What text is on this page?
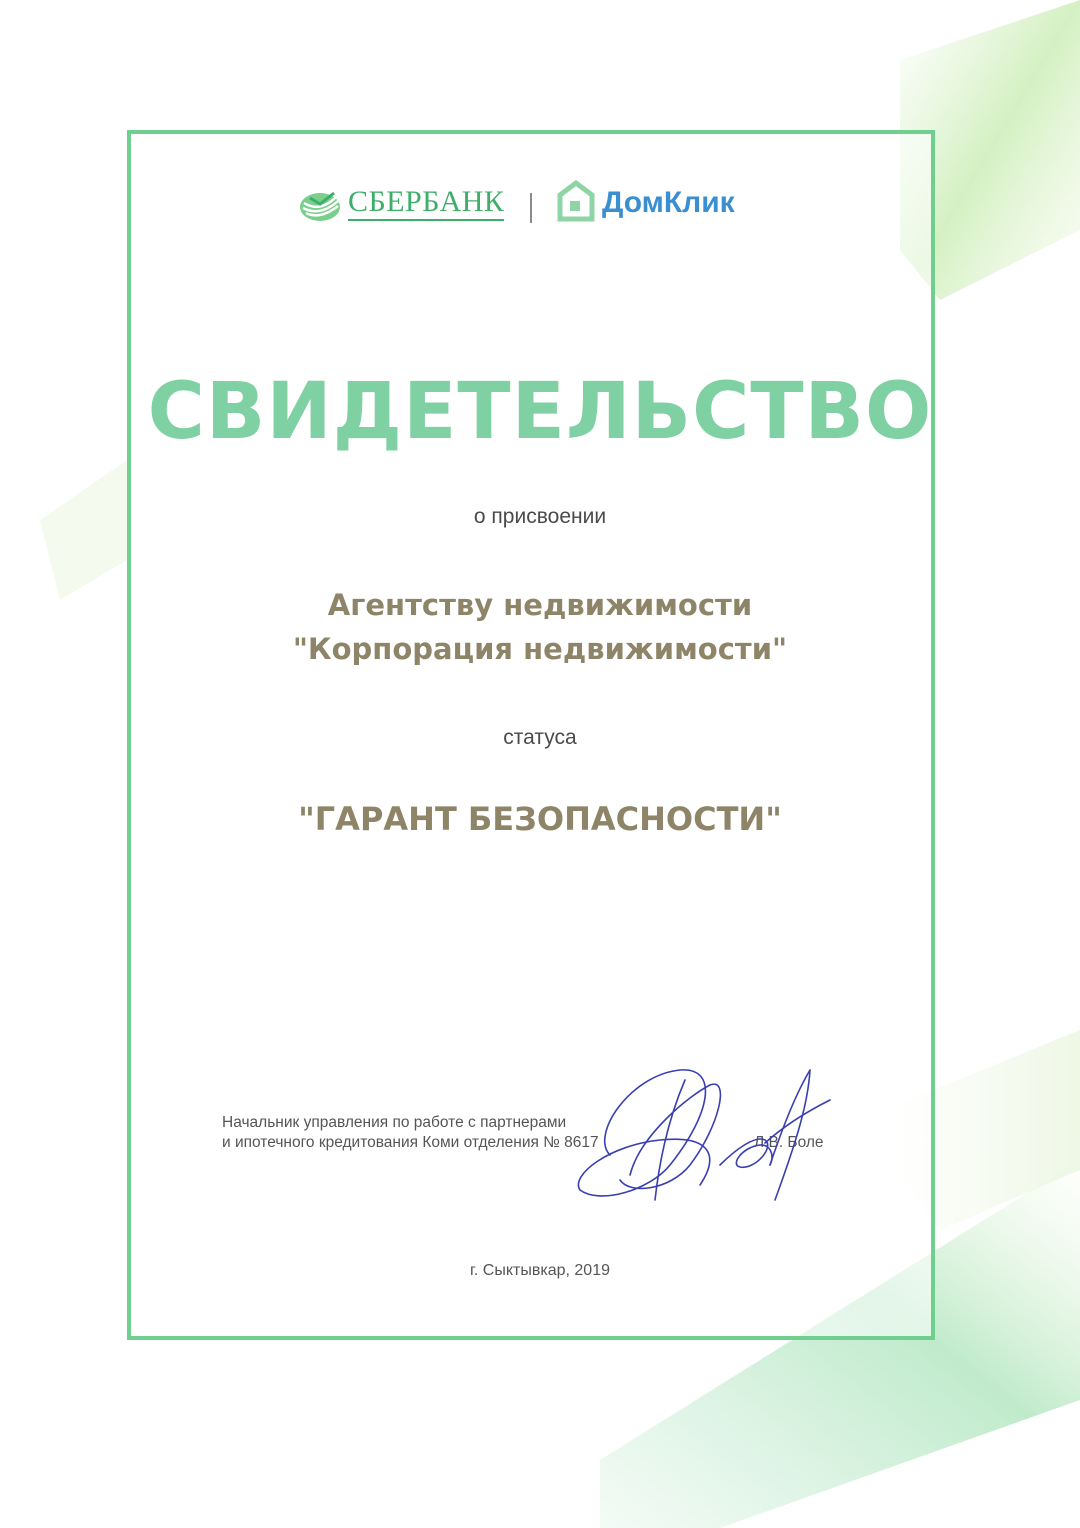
СБЕРБАНК	ДомКлик
СВИДЕТЕЛЬСТВО
о присвоении
Агентству недвижимости
"Корпорация недвижимости"
статуса
"ГАРАНТ БЕЗОПАСНОСТИ"
Начальник управления по работе с партнерами
и ипотечного кредитования Коми отделения № 8617	Л.В. Боле
г. Сыктывкар, 2019
